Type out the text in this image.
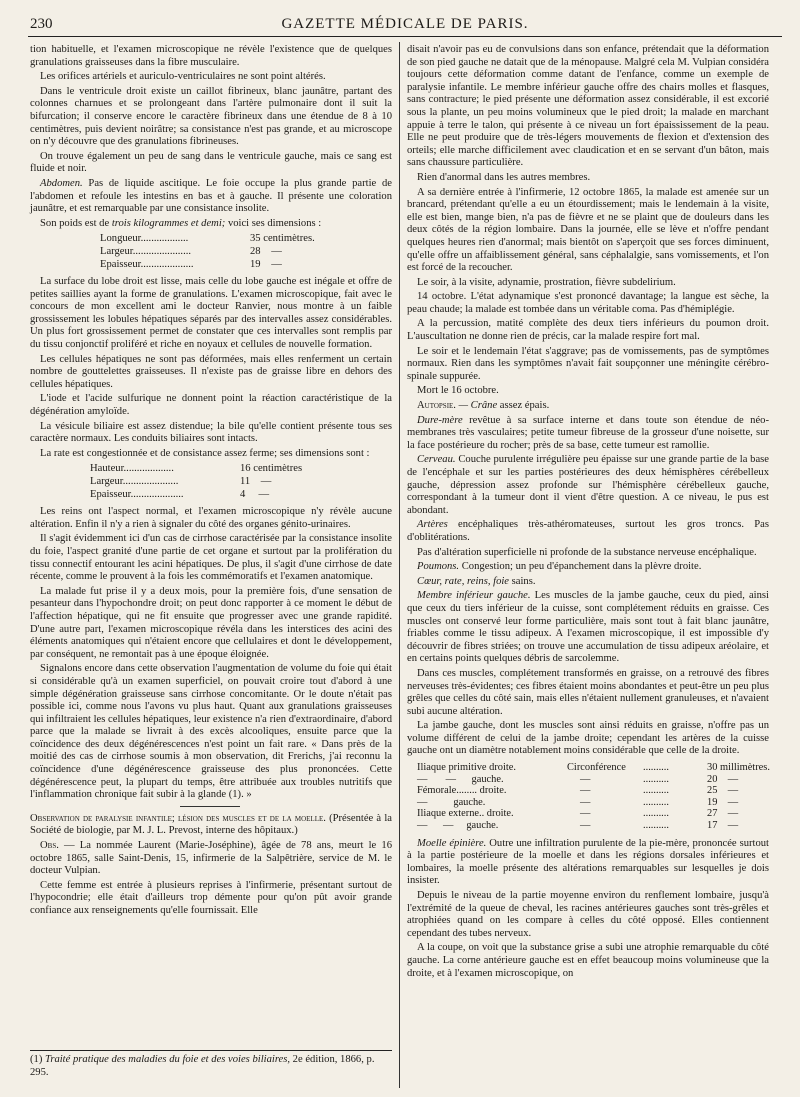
230	GAZETTE MÉDICALE DE PARIS.

tion habituelle, et l'examen microscopique ne révèle l'existence que de quelques granulations graisseuses dans la fibre musculaire.

Les orifices artériels et auriculo-ventriculaires ne sont point altérés.

Dans le ventricule droit existe un caillot fibrineux, blanc jaunâtre, partant des colonnes charnues et se prolongeant dans l'artère pulmonaire dont il suit la bifurcation; il conserve encore le caractère fibrineux dans une étendue de 8 à 10 centimètres, puis devient noirâtre; sa consistance n'est pas grande, et au microscope on n'y découvre que des granulations fibrineuses.

On trouve également un peu de sang dans le ventricule gauche, mais ce sang est fluide et noir.

Abdomen. Pas de liquide ascitique. Le foie occupe la plus grande partie de l'abdomen et refoule les intestins en bas et à gauche. Il présente une coloration jaunâtre, et est remarquable par une consistance insolite.

Son poids est de trois kilogrammes et demi; voici ses dimensions :

Longueur..................	35 centimètres.
Largeur......................	28    —
Epaisseur....................	19    —

La surface du lobe droit est lisse, mais celle du lobe gauche est inégale et offre de petites saillies ayant la forme de granulations. L'examen microscopique, fait avec le concours de mon excellent ami le docteur Ranvier, nous montre à un faible grossissement les lobules hépatiques séparés par des intervalles assez considérables. Un plus fort grossissement permet de constater que ces intervalles sont remplis par du tissu conjonctif proliféré et riche en noyaux et cellules de nouvelle formation.

Les cellules hépatiques ne sont pas déformées, mais elles renferment un certain nombre de gouttelettes graisseuses. Il n'existe pas de graisse libre en dehors des cellules hépatiques.

L'iode et l'acide sulfurique ne donnent point la réaction caractéristique de la dégénération amyloïde.

La vésicule biliaire est assez distendue; la bile qu'elle contient présente tous ses caractère normaux. Les conduits biliaires sont intacts.

La rate est congestionnée et de consistance assez ferme; ses dimensions sont :

Hauteur...................	16 centimètres
Largeur.....................	11    —
Epaisseur....................	4     —

Les reins ont l'aspect normal, et l'examen microscopique n'y révèle aucune altération. Enfin il n'y a rien à signaler du côté des organes génito-urinaires.

Il s'agit évidemment ici d'un cas de cirrhose caractérisée par la consistance insolite du foie, l'aspect granité d'une partie de cet organe et surtout par la prolifération du tissu connectif entourant les acini hépatiques. De plus, il s'agit d'une cirrhose de date récente, comme le prouvent à la fois les commémoratifs et l'examen anatomique.

La malade fut prise il y a deux mois, pour la première fois, d'une sensation de pesanteur dans l'hypochondre droit; on peut donc rapporter à ce moment le début de l'affection hépatique, qui ne fit ensuite que progresser avec une grande rapidité. D'une autre part, l'examen microscopique révéla dans les interstices des acini des éléments anatomiques qui n'étaient encore que cellulaires et dont le développement, par conséquent, ne remontait pas à une époque éloignée.

Signalons encore dans cette observation l'augmentation de volume du foie qui était si considérable qu'à un examen superficiel, on pouvait croire tout d'abord à une simple dégénération graisseuse sans cirrhose concomitante. Or le doute n'était pas possible ici, comme nous l'avons vu plus haut. Quant aux granulations graisseuses qui infiltraient les cellules hépatiques, leur existence n'a rien d'extraordinaire, d'abord parce que la malade se livrait à des excès alcooliques, ensuite parce que la coïncidence des deux dégénérescences n'est point un fait rare. « Dans près de la moitié des cas de cirrhose soumis à mon observation, dit Frerichs, j'ai reconnu la coïncidence d'une dégénérescence graisseuse des plus prononcées. Cette dégénérescence peut, la plupart du temps, être attribuée aux troubles nutritifs que l'inflammation chronique fait subir à la glande (1). »

Observation de paralysie infantile; lésion des muscles et de la moelle. (Présentée à la Société de biologie, par M. J. L. Prevost, interne des hôpitaux.)

Obs. — La nommée Laurent (Marie-Joséphine), âgée de 78 ans, meurt le 16 octobre 1865, salle Saint-Denis, 15, infirmerie de la Salpêtrière, service de M. le docteur Vulpian.

Cette femme est entrée à plusieurs reprises à l'infirmerie, présentant surtout de l'hypocondrie; elle était d'ailleurs trop démente pour qu'on pût avoir grande confiance aux renseignements qu'elle fournissait. Elle

(1) Traité pratique des maladies du foie et des voies biliaires, 2e édition, 1866, p. 295.

disait n'avoir pas eu de convulsions dans son enfance, prétendait que la déformation de son pied gauche ne datait que de la ménopause. Malgré cela M. Vulpian considéra toujours cette déformation comme datant de l'enfance, comme un exemple de paralysie infantile. Le membre inférieur gauche offre des chairs molles et flasques, sans contracture; le pied présente une déformation assez considérable, il est excorié sous la plante, un peu moins volumineux que le pied droit; la malade en marchant appuie à terre le talon, qui présente à ce niveau un fort épaississement de la peau. Elle ne peut produire que de très-légers mouvements de flexion et d'extension des orteils; elle marche difficilement avec claudication et en se servant d'un bâton, mais sans chaussure particulière.

Rien d'anormal dans les autres membres.

A sa dernière entrée à l'infirmerie, 12 octobre 1865, la malade est amenée sur un brancard, prétendant qu'elle a eu un étourdissement; mais le lendemain à la visite, elle est bien, mange bien, n'a pas de fièvre et ne se plaint que de douleurs dans les deux côtés de la région lombaire. Dans la journée, elle se lève et n'offre pendant quelques heures rien d'anormal; mais bientôt on s'aperçoit que ses forces diminuent, qu'elle offre un affaiblissement général, sans céphalalgie, sans vomissements, et l'on est forcé de la recoucher.

Le soir, à la visite, adynamie, prostration, fièvre subdelirium.

14 octobre. L'état adynamique s'est prononcé davantage; la langue est sèche, la peau chaude; la malade est tombée dans un véritable coma. Pas d'hémiplégie.

A la percussion, matité complète des deux tiers inférieurs du poumon droit. L'auscultation ne donne rien de précis, car la malade respire fort mal.

Le soir et le lendemain l'état s'aggrave; pas de vomissements, pas de symptômes normaux. Rien dans les symptômes n'avait fait soupçonner une méningite cérébro-spinale suppurée.

Mort le 16 octobre.

Autopsie. — Crâne assez épais.

Dure-mère revêtue à sa surface interne et dans toute son étendue de néo-membranes très vasculaires; petite tumeur fibreuse de la grosseur d'une noisette, sur la face postérieure du rocher; près de sa base, cette tumeur est ramollie.

Cerveau. Couche purulente irrégulière peu épaisse sur une grande partie de la base de l'encéphale et sur les parties postérieures des deux hémisphères cérébelleux gauche, dépression assez profonde sur l'hémisphère cérébelleux gauche, correspondant à la tumeur dont il vient d'être question. A ce niveau, le pus est abondant.

Artères encéphaliques très-athéromateuses, surtout les gros troncs. Pas d'oblitérations.

Pas d'altération superficielle ni profonde de la substance nerveuse encéphalique.

Poumons. Congestion; un peu d'épanchement dans la plèvre droite.

Cœur, rate, reins, foie sains.

Membre inférieur gauche. Les muscles de la jambe gauche, ceux du pied, ainsi que ceux du tiers inférieur de la cuisse, sont complétement réduits en graisse. Ces muscles ont conservé leur forme particulière, mais sont tout à fait blanc jaunâtre, friables comme le tissu adipeux. A l'examen microscopique, il est impossible d'y découvrir de fibres striées; on trouve une accumulation de tissu adipeux aréolaire, et en certains points quelques débris de sarcolemme.

Dans ces muscles, complétement transformés en graisse, on a retrouvé des fibres nerveuses très-évidentes; ces fibres étaient moins abondantes et peut-être un peu plus grêles que celles du côté sain, mais elles n'étaient nullement granuleuses, et n'avaient subi aucune altération.

La jambe gauche, dont les muscles sont ainsi réduits en graisse, n'offre pas un volume différent de celui de la jambe droite; cependant les artères de la cuisse gauche ont un diamètre notablement moins considérable que celle de la droite.

Iliaque primitive droite.	Circonférence ..........	30 millimètres.
—       —      gauche.	—	..........	20    —
Fémorale........ droite.	—	..........	25    —
—          gauche.	—	..........	19    —
Iliaque externe.. droite.	—	..........	27    —
—      —     gauche.	—	..........	17    —

Moelle épinière. Outre une infiltration purulente de la pie-mère, prononcée surtout à la partie postérieure de la moelle et dans les régions dorsales inférieures et lombaires, la moelle présente des altérations remarquables sur lesquelles je dois insister.

Depuis le niveau de la partie moyenne environ du renflement lombaire, jusqu'à l'extrémité de la queue de cheval, les racines antérieures gauches sont très-grêles et atrophiées quand on les compare à celles du côté opposé. Elles contiennent cependant des tubes nerveux.

A la coupe, on voit que la substance grise a subi une atrophie remarquable du côté gauche. La corne antérieure gauche est en effet beaucoup moins volumineuse que la droite, et à l'examen microscopique, on
